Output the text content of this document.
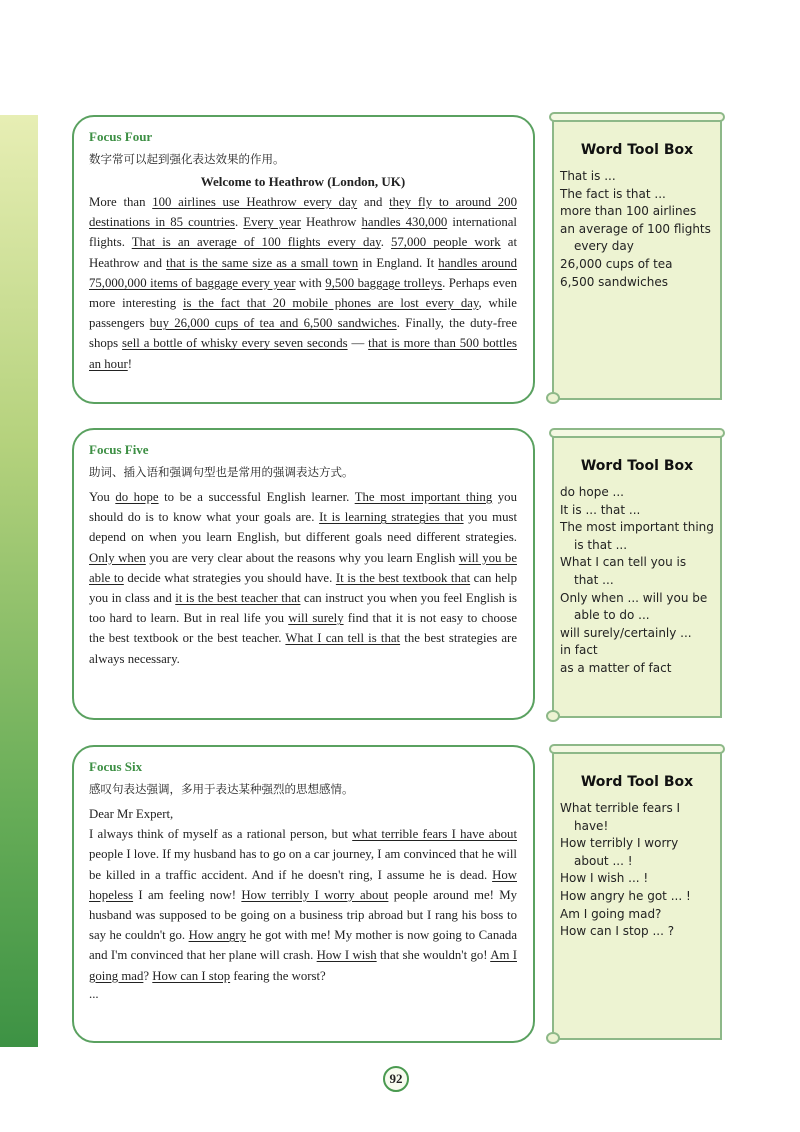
Focus Four

数字常可以起到强化表达效果的作用。

Welcome to Heathrow (London, UK)

More than 100 airlines use Heathrow every day and they fly to around 200 destinations in 85 countries. Every year Heathrow handles 430,000 international flights. That is an average of 100 flights every day. 57,000 people work at Heathrow and that is the same size as a small town in England. It handles around 75,000,000 items of baggage every year with 9,500 baggage trolleys. Perhaps even more interesting is the fact that 20 mobile phones are lost every day, while passengers buy 26,000 cups of tea and 6,500 sandwiches. Finally, the duty-free shops sell a bottle of whisky every seven seconds — that is more than 500 bottles an hour!

Word Tool Box

That is ...
The fact is that ...
more than 100 airlines
an average of 100 flights every day
26,000 cups of tea
6,500 sandwiches

Focus Five

助词、插入语和强调句型也是常用的强调表达方式。

You do hope to be a successful English learner. The most important thing you should do is to know what your goals are. It is learning strategies that you must depend on when you learn English, but different goals need different strategies. Only when you are very clear about the reasons why you learn English will you be able to decide what strategies you should have. It is the best textbook that can help you in class and it is the best teacher that can instruct you when you feel English is too hard to learn. But in real life you will surely find that it is not easy to choose the best textbook or the best teacher. What I can tell is that the best strategies are always necessary.

Word Tool Box

do hope ...
It is ... that ...
The most important thing is that ...
What I can tell you is that ...
Only when ... will you be able to do ...
will surely/certainly ...
in fact
as a matter of fact

Focus Six

感叹句表达强调，多用于表达某种强烈的思想感情。

Dear Mr Expert,

I always think of myself as a rational person, but what terrible fears I have about people I love. If my husband has to go on a car journey, I am convinced that he will be killed in a traffic accident. And if he doesn't ring, I assume he is dead. How hopeless I am feeling now! How terribly I worry about people around me! My husband was supposed to be going on a business trip abroad but I rang his boss to say he couldn't go. How angry he got with me! My mother is now going to Canada and I'm convinced that her plane will crash. How I wish that she wouldn't go! Am I going mad? How can I stop fearing the worst?

...

Word Tool Box

What terrible fears I have!
How terribly I worry about ... !
How I wish ... !
How angry he got ... !
Am I going mad?
How can I stop ... ?
92
